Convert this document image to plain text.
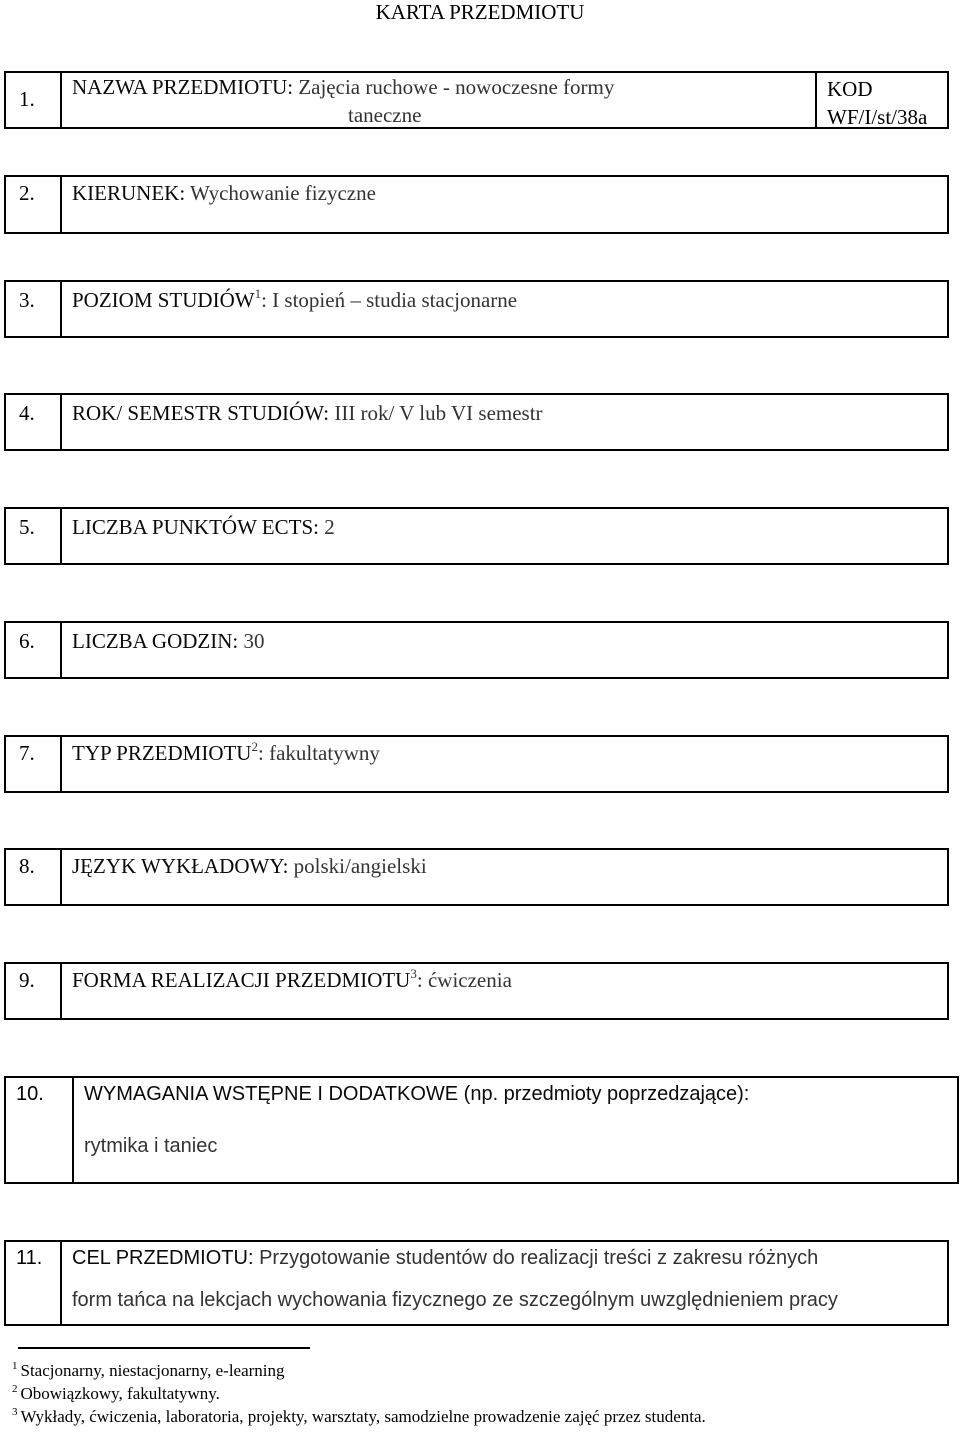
KARTA PRZEDMIOTU
1. NAZWA PRZEDMIOTU: Zajęcia ruchowe - nowoczesne formy
taneczne
KOD
WF/I/st/38a
2. KIERUNEK: Wychowanie fizyczne
3. POZIOM STUDIÓW$^1$: I stopień – studia stacjonarne
4. ROK/ SEMESTR STUDIÓW: III rok/ V lub VI semestr
5. LICZBA PUNKTÓW ECTS: 2
6. LICZBA GODZIN: 30
7. TYP PRZEDMIOTU$^2$: fakultatywny
8. JĘZYK WYKŁADOWY: polski/angielski
9. FORMA REALIZACJI PRZEDMIOTU$^3$: ćwiczenia
10. WYMAGANIA WSTĘPNE I DODATKOWE (np. przedmioty poprzedzające):
rytmika i taniec
11. CEL PRZEDMIOTU: Przygotowanie studentów do realizacji treści z zakresu różnych
form tańca na lekcjach wychowania fizycznego ze szczególnym uwzględnieniem pracy
$^1$ Stacjonarny, niestacjonarny, e-learning
$^2$ Obowiązkowy, fakultatywny.
$^3$ Wykłady, ćwiczenia, laboratoria, projekty, warsztaty, samodzielne prowadzenie zajęć przez studenta.
